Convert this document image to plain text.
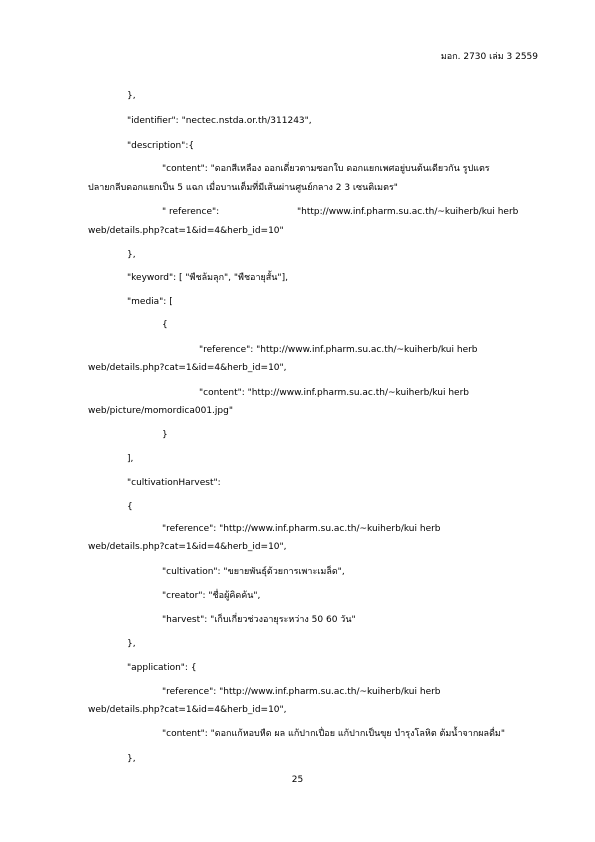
มอก. 2730 เล่ม 3 2559
},
"identifier": "nectec.nstda.or.th/311243",
"description":{
"content": "ดอกสีเหลือง ออกเดี่ยวตามซอกใบ ดอกแยกเพศอยู่บนต้นเดียวกัน รูปแตร
ปลายกลีบดอกแยกเป็น 5 แฉก เมื่อบานเต็มที่มีเส้นผ่านศูนย์กลาง 2 3 เซนติเมตร"
" reference":	"http://www.inf.pharm.su.ac.th/~kuiherb/kui herb
web/details.php?cat=1&id=4&herb_id=10"
},
"keyword": [ "พืชล้มลุก", "พืชอายุสั้น"],
"media": [
{
"reference": "http://www.inf.pharm.su.ac.th/~kuiherb/kui herb
web/details.php?cat=1&id=4&herb_id=10",
"content": "http://www.inf.pharm.su.ac.th/~kuiherb/kui herb
web/picture/momordica001.jpg"
}
],
"cultivationHarvest":
{
"reference": "http://www.inf.pharm.su.ac.th/~kuiherb/kui herb
web/details.php?cat=1&id=4&herb_id=10",
"cultivation": "ขยายพันธุ์ด้วยการเพาะเมล็ด",
"creator": "ชื่อผู้คิดค้น",
"harvest": "เก็บเกี่ยวช่วงอายุระหว่าง 50 60 วัน"
},
"application": {
"reference": "http://www.inf.pharm.su.ac.th/~kuiherb/kui herb
web/details.php?cat=1&id=4&herb_id=10",
"content": "ดอกแก้หอบหืด ผล แก้ปากเปื่อย แก้ปากเป็นขุย บำรุงโลหิต ต้มน้ำจากผลดื่ม"
},
25
